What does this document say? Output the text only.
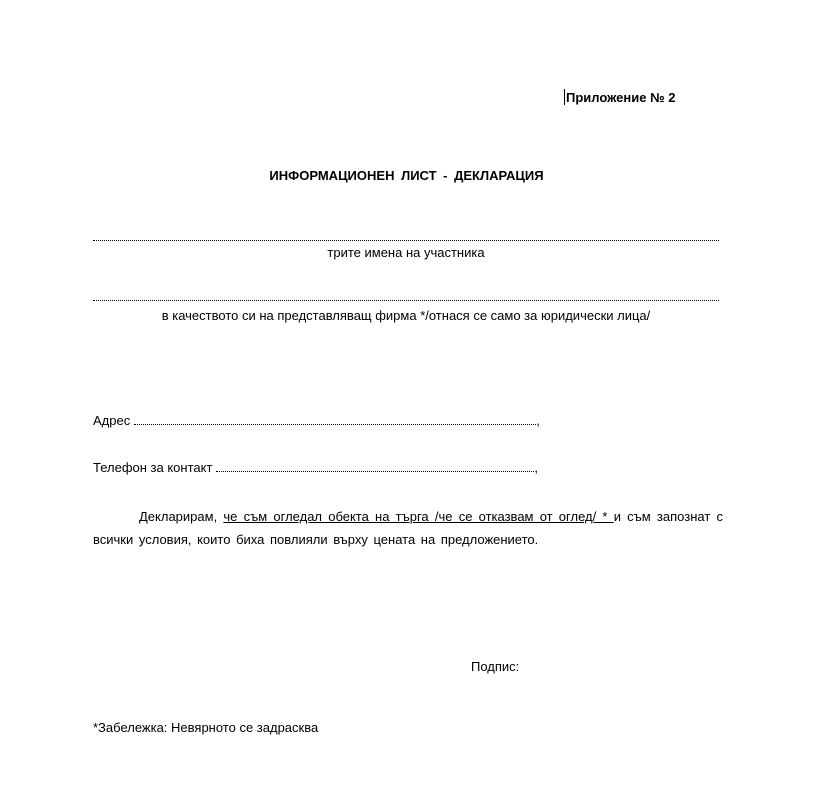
Приложение № 2
ИНФОРМАЦИОНЕН ЛИСТ - ДЕКЛАРАЦИЯ
трите имена на участника
в качеството си на представляващ фирма */отнася се само за юридически лица/
Адрес	,
Телефон за контакт	,
Декларирам, че съм огледал обекта на търга /че се отказвам от оглед/ * и съм запознат с всички условия, които биха повлияли върху цената на предложението.
Подпис:
*Забележка: Невярното се задрасква
